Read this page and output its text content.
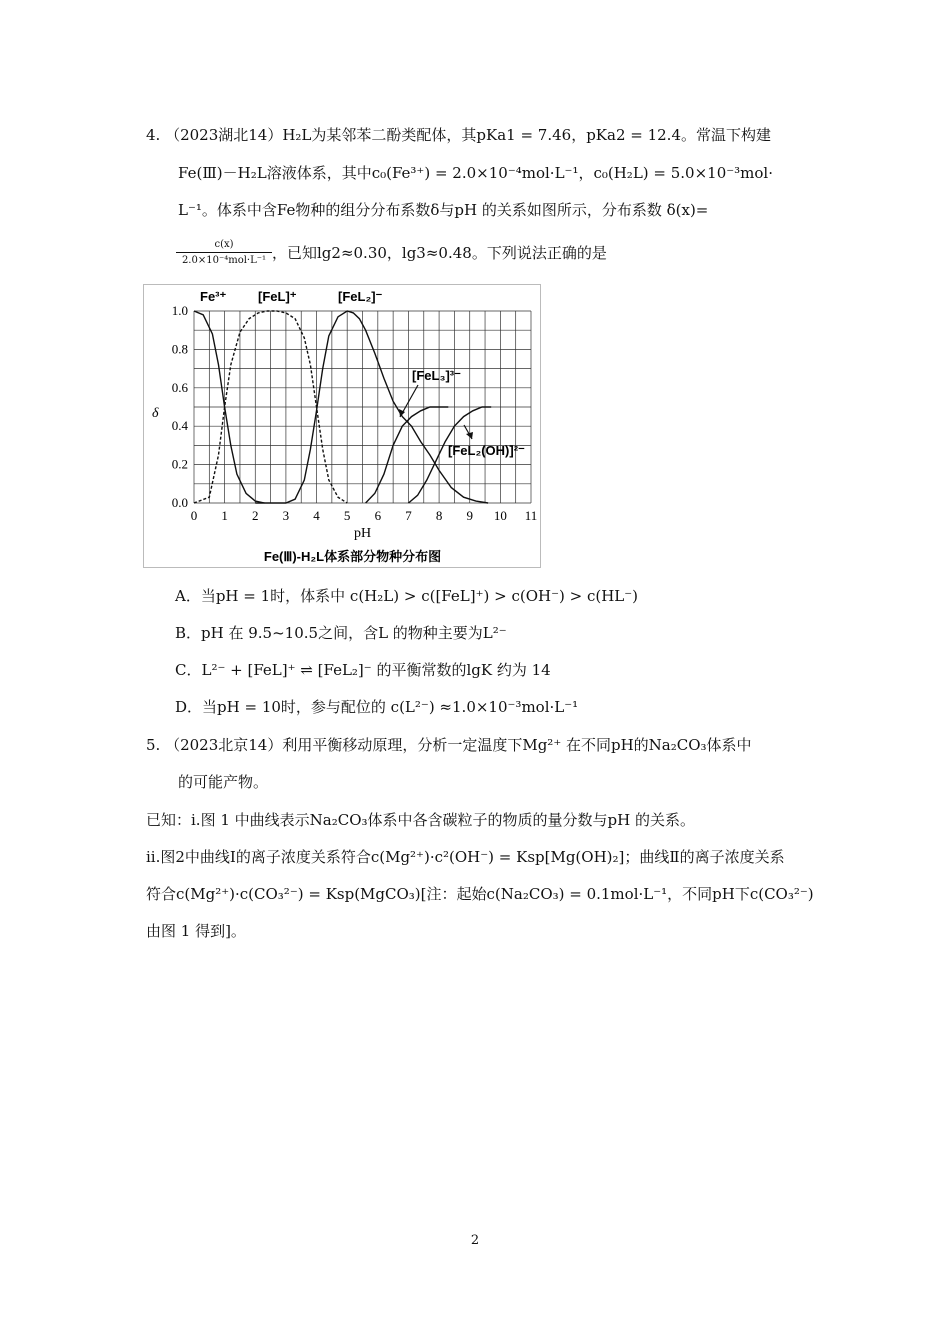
4. （2023湖北14）H₂L为某邻苯二酚类配体，其pKa1 = 7.46，pKa2 = 12.4。常温下构建
Fe(Ⅲ)－H₂L溶液体系，其中c₀(Fe³⁺) = 2.0×10⁻⁴mol·L⁻¹，c₀(H₂L) = 5.0×10⁻³mol·
L⁻¹。体系中含Fe物种的组分分布系数δ与pH 的关系如图所示，分布系数 δ(x)=
c(x)
2.0×10⁻⁴mol·L⁻¹ ，已知lg2≈0.30，lg3≈0.48。下列说法正确的是
0 1 2 3 4 5 6 7 8 9 10 11
0.0
0.2
0.4
0.6
0.8
1.0
pH
δ
Fe(Ⅲ)-H₂L体系部分物种分布图
Fe³⁺ [FeL]⁺	[FeL₂]⁻
[FeL₃]³⁻
[FeL₂(OH)]²⁻
A．当pH = 1时，体系中 c(H₂L) > c([FeL]⁺) > c(OH⁻) > c(HL⁻)
B．pH 在 9.5~10.5之间，含L 的物种主要为L²⁻
C．L²⁻ + [FeL]⁺ ⇌ [FeL₂]⁻ 的平衡常数的lgK 约为 14
D．当pH = 10时，参与配位的 c(L²⁻) ≈1.0×10⁻³mol·L⁻¹
5. （2023北京14）利用平衡移动原理，分析一定温度下Mg²⁺ 在不同pH的Na₂CO₃体系中
的可能产物。
已知：i.图 1 中曲线表示Na₂CO₃体系中各含碳粒子的物质的量分数与pH 的关系。
ii.图2中曲线Ⅰ的离子浓度关系符合c(Mg²⁺)·c²(OH⁻) = Ksp[Mg(OH)₂]；曲线Ⅱ的离子浓度关系
符合c(Mg²⁺)·c(CO₃²⁻) = Ksp(MgCO₃)[注：起始c(Na₂CO₃) = 0.1mol·L⁻¹，不同pH下c(CO₃²⁻)
由图 1 得到]。
2
